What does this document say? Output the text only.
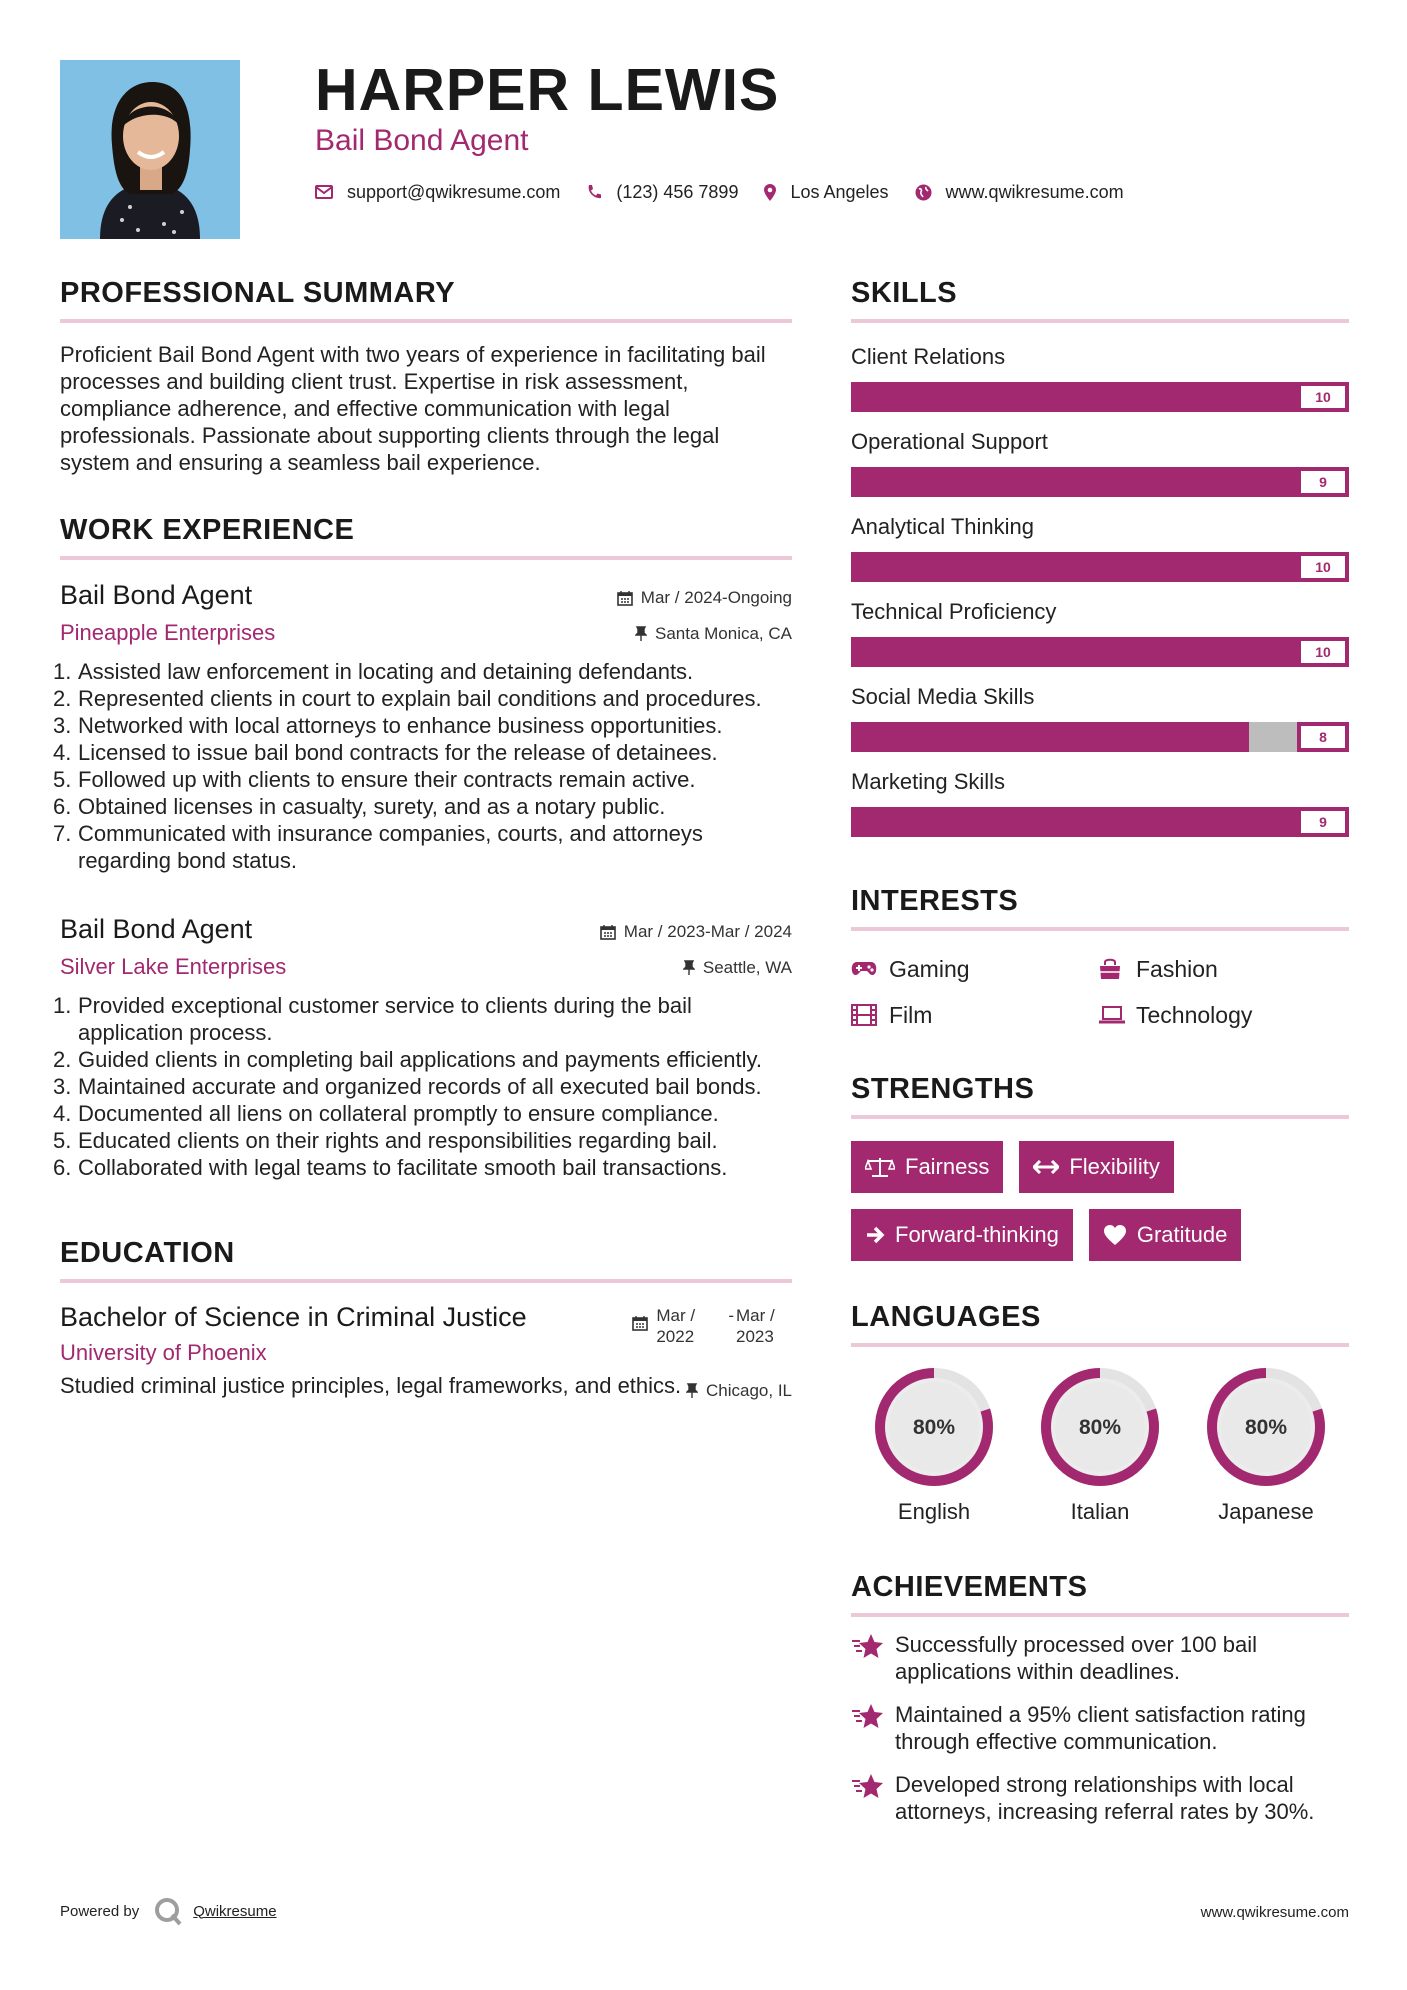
HARPER LEWIS
Bail Bond Agent
support@qwikresume.com	(123) 456 7899	Los Angeles	www.qwikresume.com
PROFESSIONAL SUMMARY
Proficient Bail Bond Agent with two years of experience in facilitating bail processes and building client trust. Expertise in risk assessment, compliance adherence, and effective communication with legal professionals. Passionate about supporting clients through the legal system and ensuring a seamless bail experience.
WORK EXPERIENCE
Mar / 2024-Ongoing
Santa Monica, CA
Bail Bond Agent
Pineapple Enterprises
1. Assisted law enforcement in locating and detaining defendants.
2. Represented clients in court to explain bail conditions and procedures.
3. Networked with local attorneys to enhance business opportunities.
4. Licensed to issue bail bond contracts for the release of detainees.
5. Followed up with clients to ensure their contracts remain active.
6. Obtained licenses in casualty, surety, and as a notary public.
7. Communicated with insurance companies, courts, and attorneys regarding bond status.
Mar / 2023-Mar / 2024
Seattle, WA
Bail Bond Agent
Silver Lake Enterprises
1. Provided exceptional customer service to clients during the bail application process.
2. Guided clients in completing bail applications and payments efficiently.
3. Maintained accurate and organized records of all executed bail bonds.
4. Documented all liens on collateral promptly to ensure compliance.
5. Educated clients on their rights and responsibilities regarding bail.
6. Collaborated with legal teams to facilitate smooth bail transactions.
EDUCATION
Mar / 2022
- Mar / 2023
Chicago, IL
Bachelor of Science in Criminal Justice
University of Phoenix
Studied criminal justice principles, legal frameworks, and ethics.
SKILLS
Client Relations
10
Operational Support
9
Analytical Thinking
10
Technical Proficiency
10
Social Media Skills
8
Marketing Skills
9
INTERESTS
Gaming	Fashion
Film	Technology
STRENGTHS
Fairness	Flexibility
Forward-thinking	Gratitude
LANGUAGES
80%
English
80%
Italian
80%
Japanese
ACHIEVEMENTS
Successfully processed over 100 bail applications within deadlines.
Maintained a 95% client satisfaction rating through effective communication.
Developed strong relationships with local attorneys, increasing referral rates by 30%.
Powered by	Qwikresume	www.qwikresume.com
